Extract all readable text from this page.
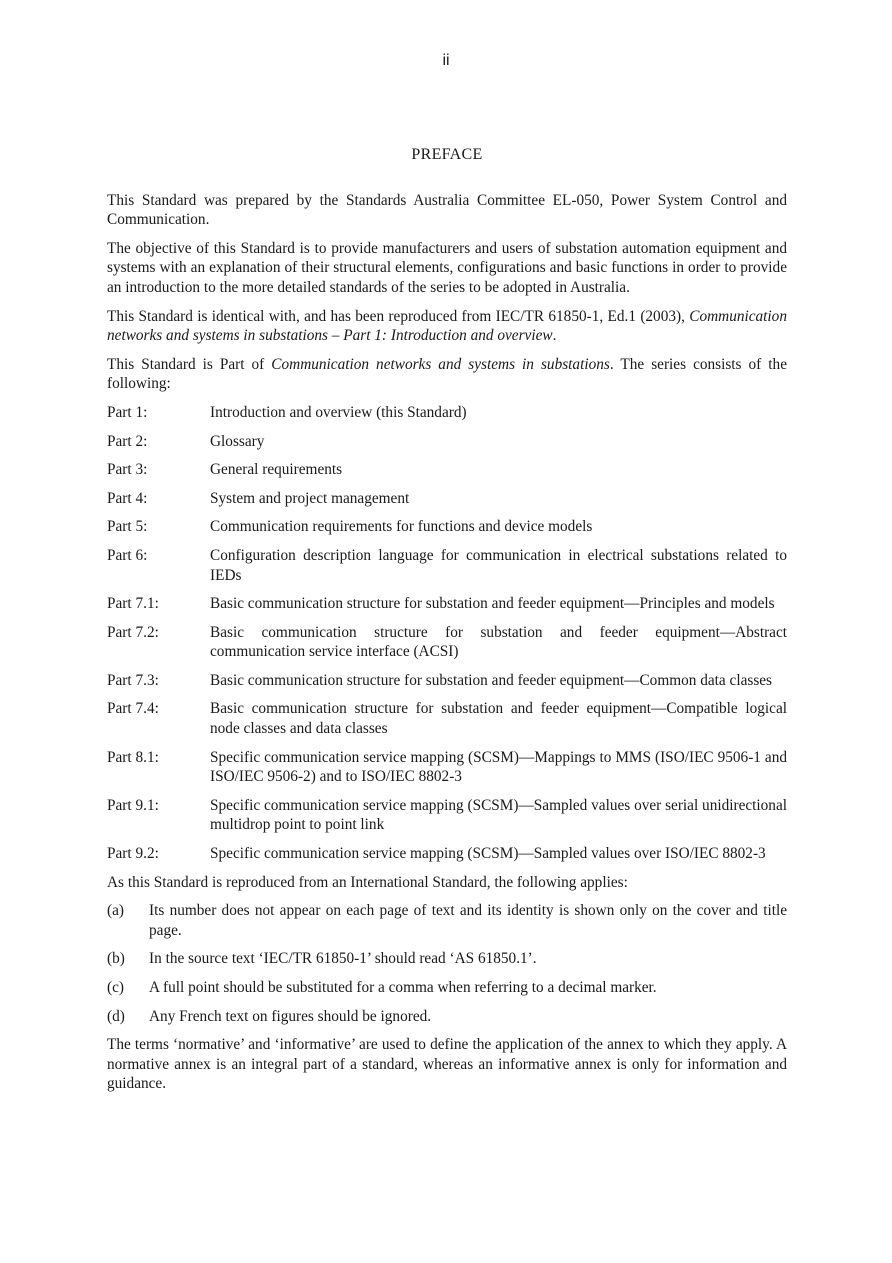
ii
PREFACE

This Standard was prepared by the Standards Australia Committee EL-050, Power System Control and Communication.

The objective of this Standard is to provide manufacturers and users of substation automation equipment and systems with an explanation of their structural elements, configurations and basic functions in order to provide an introduction to the more detailed standards of the series to be adopted in Australia.

This Standard is identical with, and has been reproduced from IEC/TR 61850-1, Ed.1 (2003), Communication networks and systems in substations – Part 1: Introduction and overview.

This Standard is Part of Communication networks and systems in substations. The series consists of the following:

Part 1:	Introduction and overview (this Standard)
Part 2:	Glossary
Part 3:	General requirements
Part 4:	System and project management
Part 5:	Communication requirements for functions and device models
Part 6:	Configuration description language for communication in electrical substations related to IEDs
Part 7.1:	Basic communication structure for substation and feeder equipment—Principles and models
Part 7.2:	Basic communication structure for substation and feeder equipment—Abstract communication service interface (ACSI)
Part 7.3:	Basic communication structure for substation and feeder equipment—Common data classes
Part 7.4:	Basic communication structure for substation and feeder equipment—Compatible logical node classes and data classes
Part 8.1:	Specific communication service mapping (SCSM)—Mappings to MMS (ISO/IEC 9506-1 and ISO/IEC 9506-2) and to ISO/IEC 8802-3
Part 9.1:	Specific communication service mapping (SCSM)—Sampled values over serial unidirectional multidrop point to point link
Part 9.2:	Specific communication service mapping (SCSM)—Sampled values over ISO/IEC 8802-3

As this Standard is reproduced from an International Standard, the following applies:

(a)	Its number does not appear on each page of text and its identity is shown only on the cover and title page.
(b)	In the source text ‘IEC/TR 61850-1’ should read ‘AS 61850.1’.
(c)	A full point should be substituted for a comma when referring to a decimal marker.
(d)	Any French text on figures should be ignored.

The terms ‘normative’ and ‘informative’ are used to define the application of the annex to which they apply. A normative annex is an integral part of a standard, whereas an informative annex is only for information and guidance.
